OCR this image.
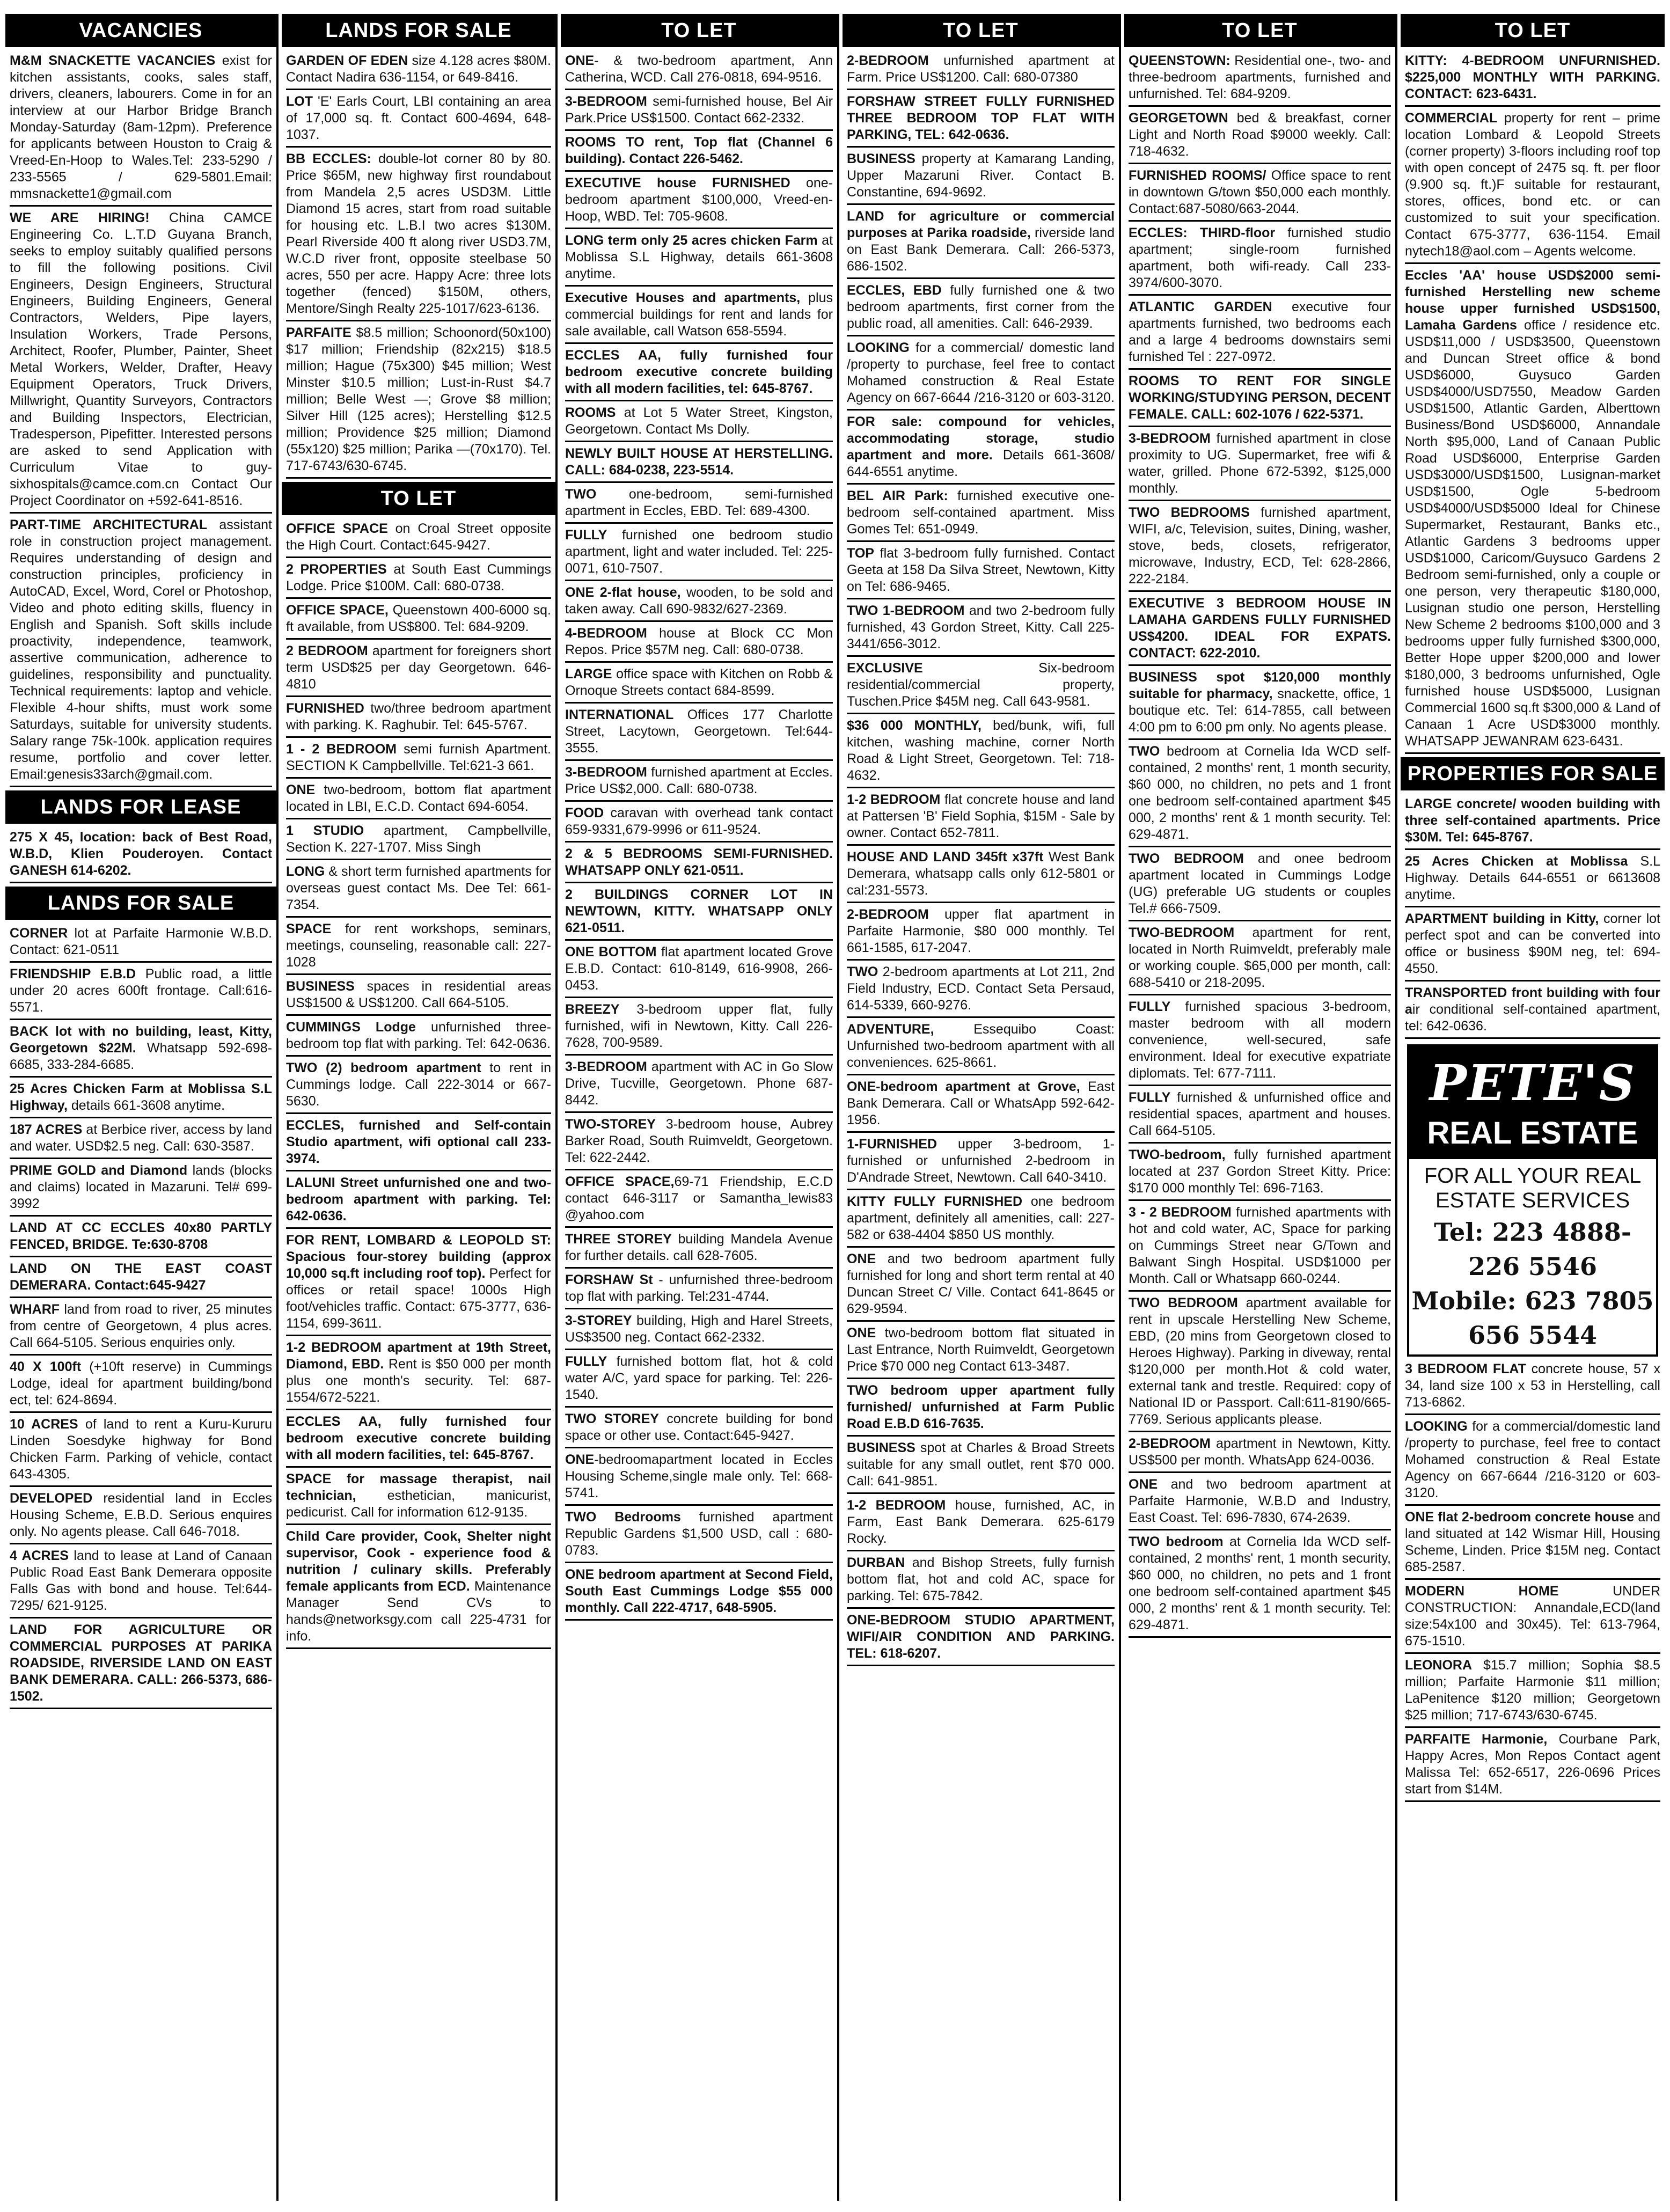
VACANCIES
M&M SNACKETTE VACANCIES exist for kitchen assistants, cooks, sales staff, drivers, cleaners, labourers. Come in for an interview at our Harbor Bridge Branch Monday-Saturday (8am-12pm). Preference for applicants between Houston to Craig & Vreed-En-Hoop to Wales.Tel: 233-5290 / 233-5565 / 629-5801.Email: mmsnackette1@gmail.com
WE ARE HIRING! China CAMCE Engineering Co. L.T.D Guyana Branch, seeks to employ suitably qualified persons to fill the following positions. Civil Engineers, Design Engineers, Structural Engineers, Building Engineers, General Contractors, Welders, Pipe layers, Insulation Workers, Trade Persons, Architect, Roofer, Plumber, Painter, Sheet Metal Workers, Welder, Drafter, Heavy Equipment Operators, Truck Drivers, Millwright, Quantity Surveyors, Contractors and Building Inspectors, Electrician, Tradesperson, Pipefitter. Interested persons are asked to send Application with Curriculum Vitae to guy-sixhospitals@camce.com.cn Contact Our Project Coordinator on +592-641-8516.
PART-TIME ARCHITECTURAL assistant role in construction project management. Requires understanding of design and construction principles, proficiency in AutoCAD, Excel, Word, Corel or Photoshop, Video and photo editing skills, fluency in English and Spanish. Soft skills include proactivity, independence, teamwork, assertive communication, adherence to guidelines, responsibility and punctuality. Technical requirements: laptop and vehicle. Flexible 4-hour shifts, must work some Saturdays, suitable for university students. Salary range 75k-100k. application requires resume, portfolio and cover letter. Email:genesis33arch@gmail.com.
LANDS FOR LEASE
275 X 45, location: back of Best Road, W.B.D, Klien Pouderoyen. Contact GANESH 614-6202.
LANDS FOR SALE
CORNER lot at Parfaite Harmonie W.B.D. Contact: 621-0511
FRIENDSHIP E.B.D Public road, a little under 20 acres 600ft frontage. Call:616-5571.
BACK lot with no building, least, Kitty, Georgetown $22M. Whatsapp 592-698-6685, 333-284-6685.
25 Acres Chicken Farm at Moblissa S.L Highway, details 661-3608 anytime.
187 ACRES at Berbice river, access by land and water. USD$2.5 neg. Call: 630-3587.
PRIME GOLD and Diamond lands (blocks and claims) located in Mazaruni. Tel# 699-3992
LAND AT CC ECCLES 40x80 PARTLY FENCED, BRIDGE. Te:630-8708
LAND ON THE EAST COAST DEMERARA. Contact:645-9427
WHARF land from road to river, 25 minutes from centre of Georgetown, 4 plus acres. Call 664-5105. Serious enquiries only.
40 X 100ft (+10ft reserve) in Cummings Lodge, ideal for apartment building/bond ect, tel: 624-8694.
10 ACRES of land to rent a Kuru-Kururu Linden Soesdyke highway for Bond Chicken Farm. Parking of vehicle, contact 643-4305.
DEVELOPED residential land in Eccles Housing Scheme, E.B.D. Serious enquires only. No agents please. Call 646-7018.
4 ACRES land to lease at Land of Canaan Public Road East Bank Demerara opposite Falls Gas with bond and house. Tel:644-7295/ 621-9125.
LAND FOR AGRICULTURE OR COMMERCIAL PURPOSES AT PARIKA ROADSIDE, RIVERSIDE LAND ON EAST BANK DEMERARA. CALL: 266-5373, 686-1502.
LANDS FOR SALE
GARDEN OF EDEN size 4.128 acres $80M. Contact Nadira 636-1154, or 649-8416.
LOT 'E' Earls Court, LBI containing an area of 17,000 sq. ft. Contact 600-4694, 648-1037.
BB ECCLES: double-lot corner 80 by 80. Price $65M, new highway first roundabout from Mandela 2,5 acres USD3M. Little Diamond 15 acres, start from road suitable for housing etc. L.B.I two acres $130M. Pearl Riverside 400 ft along river USD3.7M, W.C.D river front, opposite steelbase 50 acres, 550 per acre. Happy Acre: three lots together (fenced) $150M, others, Mentore/Singh Realty 225-1017/623-6136.
PARFAITE $8.5 million; Schoonord(50x100) $17 million; Friendship (82x215) $18.5 million; Hague (75x300) $45 million; West Minster $10.5 million; Lust-in-Rust $4.7 million; Belle West —; Grove $8 million; Silver Hill (125 acres); Herstelling $12.5 million; Providence $25 million; Diamond (55x120) $25 million; Parika —(70x170). Tel. 717-6743/630-6745.
TO LET
OFFICE SPACE on Croal Street opposite the High Court. Contact:645-9427.
2 PROPERTIES at South East Cummings Lodge. Price $100M. Call: 680-0738.
OFFICE SPACE, Queenstown 400-6000 sq. ft available, from US$800. Tel: 684-9209.
2 BEDROOM apartment for foreigners short term USD$25 per day Georgetown. 646-4810
FURNISHED two/three bedroom apartment with parking. K. Raghubir. Tel: 645-5767.
1 - 2 BEDROOM semi furnish Apartment. SECTION K Campbellville. Tel:621-3 661.
ONE two-bedroom, bottom flat apartment located in LBI, E.C.D. Contact 694-6054.
1 STUDIO apartment, Campbellville, Section K. 227-1707. Miss Singh
LONG & short term furnished apartments for overseas guest contact Ms. Dee Tel: 661-7354.
SPACE for rent workshops, seminars, meetings, counseling, reasonable call: 227-1028
BUSINESS spaces in residential areas US$1500 & US$1200. Call 664-5105.
CUMMINGS Lodge unfurnished three-bedroom top flat with parking. Tel: 642-0636.
TWO (2) bedroom apartment to rent in Cummings lodge. Call 222-3014 or 667-5630.
ECCLES, furnished and Self-contain Studio apartment, wifi optional call 233-3974.
LALUNI Street unfurnished one and two-bedroom apartment with parking. Tel: 642-0636.
FOR RENT, LOMBARD & LEOPOLD ST: Spacious four-storey building (approx 10,000 sq.ft including roof top). Perfect for offices or retail space! 1000s High foot/vehicles traffic. Contact: 675-3777, 636-1154, 699-3611.
1-2 BEDROOM apartment at 19th Street, Diamond, EBD. Rent is $50 000 per month plus one month's security. Tel: 687-1554/672-5221.
ECCLES AA, fully furnished four bedroom executive concrete building with all modern facilities, tel: 645-8767.
SPACE for massage therapist, nail technician, esthetician, manicurist, pedicurist. Call for information 612-9135.
Child Care provider, Cook, Shelter night supervisor, Cook - experience food & nutrition / culinary skills. Preferably female applicants from ECD. Maintenance Manager Send CVs to hands@networksgy.com call 225-4731 for info.
TO LET
ONE- & two-bedroom apartment, Ann Catherina, WCD. Call 276-0818, 694-9516.
3-BEDROOM semi-furnished house, Bel Air Park.Price US$1500. Contact 662-2332.
ROOMS TO rent, Top flat (Channel 6 building). Contact 226-5462.
EXECUTIVE house FURNISHED one-bedroom apartment $100,000, Vreed-en-Hoop, WBD. Tel: 705-9608.
LONG term only 25 acres chicken Farm at Moblissa S.L Highway, details 661-3608 anytime.
Executive Houses and apartments, plus commercial buildings for rent and lands for sale available, call Watson 658-5594.
ECCLES AA, fully furnished four bedroom executive concrete building with all modern facilities, tel: 645-8767.
ROOMS at Lot 5 Water Street, Kingston, Georgetown. Contact Ms Dolly.
NEWLY BUILT HOUSE AT HERSTELLING. CALL: 684-0238, 223-5514.
TWO one-bedroom, semi-furnished apartment in Eccles, EBD. Tel: 689-4300.
FULLY furnished one bedroom studio apartment, light and water included. Tel: 225-0071, 610-7507.
ONE 2-flat house, wooden, to be sold and taken away. Call 690-9832/627-2369.
4-BEDROOM house at Block CC Mon Repos. Price $57M neg. Call: 680-0738.
LARGE office space with Kitchen on Robb & Ornoque Streets contact 684-8599.
INTERNATIONAL Offices 177 Charlotte Street, Lacytown, Georgetown. Tel:644-3555.
3-BEDROOM furnished apartment at Eccles. Price US$2,000. Call: 680-0738.
FOOD caravan with overhead tank contact 659-9331,679-9996 or 611-9524.
2 & 5 BEDROOMS SEMI-FURNISHED. WHATSAPP ONLY 621-0511.
2 BUILDINGS CORNER LOT IN NEWTOWN, KITTY. WHATSAPP ONLY 621-0511.
ONE BOTTOM flat apartment located Grove E.B.D. Contact: 610-8149, 616-9908, 266-0453.
BREEZY 3-bedroom upper flat, fully furnished, wifi in Newtown, Kitty. Call 226-7628, 700-9589.
3-BEDROOM apartment with AC in Go Slow Drive, Tucville, Georgetown. Phone 687-8442.
TWO-STOREY 3-bedroom house, Aubrey Barker Road, South Ruimveldt, Georgetown. Tel: 622-2442.
OFFICE SPACE,69-71 Friendship, E.C.D contact 646-3117 or Samantha_lewis83 @yahoo.com
THREE STOREY building Mandela Avenue for further details. call 628-7605.
FORSHAW St - unfurnished three-bedroom top flat with parking. Tel:231-4744.
3-STOREY building, High and Harel Streets, US$3500 neg. Contact 662-2332.
FULLY furnished bottom flat, hot & cold water A/C, yard space for parking. Tel: 226-1540.
TWO STOREY concrete building for bond space or other use. Contact:645-9427.
ONE-bedroomapartment located in Eccles Housing Scheme,single male only. Tel: 668-5741.
TWO Bedrooms furnished apartment Republic Gardens $1,500 USD, call : 680-0783.
ONE bedroom apartment at Second Field, South East Cummings Lodge $55 000 monthly. Call 222-4717, 648-5905.
TO LET
2-BEDROOM unfurnished apartment at Farm. Price US$1200. Call: 680-07380
FORSHAW STREET FULLY FURNISHED THREE BEDROOM TOP FLAT WITH PARKING, TEL: 642-0636.
BUSINESS property at Kamarang Landing, Upper Mazaruni River. Contact B. Constantine, 694-9692.
LAND for agriculture or commercial purposes at Parika roadside, riverside land on East Bank Demerara. Call: 266-5373, 686-1502.
ECCLES, EBD fully furnished one & two bedroom apartments, first corner from the public road, all amenities. Call: 646-2939.
LOOKING for a commercial/ domestic land /property to purchase, feel free to contact Mohamed construction & Real Estate Agency on 667-6644 /216-3120 or 603-3120.
FOR sale: compound for vehicles, accommodating storage, studio apartment and more. Details 661-3608/ 644-6551 anytime.
BEL AIR Park: furnished executive one-bedroom self-contained apartment. Miss Gomes Tel: 651-0949.
TOP flat 3-bedroom fully furnished. Contact Geeta at 158 Da Silva Street, Newtown, Kitty on Tel: 686-9465.
TWO 1-BEDROOM and two 2-bedroom fully furnished, 43 Gordon Street, Kitty. Call 225- 3441/656-3012.
EXCLUSIVE Six-bedroom residential/commercial property, Tuschen.Price $45M neg. Call 643-9581.
$36 000 MONTHLY, bed/bunk, wifi, full kitchen, washing machine, corner North Road & Light Street, Georgetown. Tel: 718-4632.
1-2 BEDROOM flat concrete house and land at Pattersen 'B' Field Sophia, $15M - Sale by owner. Contact 652-7811.
HOUSE AND LAND 345ft x37ft West Bank Demerara, whatsapp calls only 612-5801 or cal:231-5573.
2-BEDROOM upper flat apartment in Parfaite Harmonie, $80 000 monthly. Tel 661-1585, 617-2047.
TWO 2-bedroom apartments at Lot 211, 2nd Field Industry, ECD. Contact Seta Persaud, 614-5339, 660-9276.
ADVENTURE, Essequibo Coast: Unfurnished two-bedroom apartment with all conveniences. 625-8661.
ONE-bedroom apartment at Grove, East Bank Demerara. Call or WhatsApp 592-642-1956.
1-FURNISHED upper 3-bedroom, 1-furnished or unfurnished 2-bedroom in D'Andrade Street, Newtown. Call 640-3410.
KITTY FULLY FURNISHED one bedroom apartment, definitely all amenities, call: 227-582 or 638-4404 $850 US monthly.
ONE and two bedroom apartment fully furnished for long and short term rental at 40 Duncan Street C/ Ville. Contact 641-8645 or 629-9594.
ONE two-bedroom bottom flat situated in Last Entrance, North Ruimveldt, Georgetown Price $70 000 neg Contact 613-3487.
TWO bedroom upper apartment fully furnished/ unfurnished at Farm Public Road E.B.D 616-7635.
BUSINESS spot at Charles & Broad Streets suitable for any small outlet, rent $70 000. Call: 641-9851.
1-2 BEDROOM house, furnished, AC, in Farm, East Bank Demerara. 625-6179 Rocky.
DURBAN and Bishop Streets, fully furnish bottom flat, hot and cold AC, space for parking. Tel: 675-7842.
ONE-BEDROOM STUDIO APARTMENT, WIFI/AIR CONDITION AND PARKING. TEL: 618-6207.
TO LET
QUEENSTOWN: Residential one-, two- and three-bedroom apartments, furnished and unfurnished. Tel: 684-9209.
GEORGETOWN bed & breakfast, corner Light and North Road $9000 weekly. Call: 718-4632.
FURNISHED ROOMS/ Office space to rent in downtown G/town $50,000 each monthly. Contact:687-5080/663-2044.
ECCLES: THIRD-floor furnished studio apartment; single-room furnished apartment, both wifi-ready. Call 233-3974/600-3070.
ATLANTIC GARDEN executive four apartments furnished, two bedrooms each and a large 4 bedrooms downstairs semi furnished Tel : 227-0972.
ROOMS TO RENT FOR SINGLE WORKING/STUDYING PERSON, DECENT FEMALE. CALL: 602-1076 / 622-5371.
3-BEDROOM furnished apartment in close proximity to UG. Supermarket, free wifi & water, grilled. Phone 672-5392, $125,000 monthly.
TWO BEDROOMS furnished apartment, WIFI, a/c, Television, suites, Dining, washer, stove, beds, closets, refrigerator, microwave, Industry, ECD, Tel: 628-2866, 222-2184.
EXECUTIVE 3 BEDROOM HOUSE IN LAMAHA GARDENS FULLY FURNISHED US$4200. IDEAL FOR EXPATS. CONTACT: 622-2010.
BUSINESS spot $120,000 monthly suitable for pharmacy, snackette, office, 1 boutique etc. Tel: 614-7855, call between 4:00 pm to 6:00 pm only. No agents please.
TWO bedroom at Cornelia Ida WCD self-contained, 2 months' rent, 1 month security, $60 000, no children, no pets and 1 front one bedroom self-contained apartment $45 000, 2 months' rent & 1 month security. Tel: 629-4871.
TWO BEDROOM and onee bedroom apartment located in Cummings Lodge (UG) preferable UG students or couples Tel.# 666-7509.
TWO-BEDROOM apartment for rent, located in North Ruimveldt, preferably male or working couple. $65,000 per month, call: 688-5410 or 218-2095.
FULLY furnished spacious 3-bedroom, master bedroom with all modern convenience, well-secured, safe environment. Ideal for executive expatriate diplomats. Tel: 677-7111.
FULLY furnished & unfurnished office and residential spaces, apartment and houses. Call 664-5105.
TWO-bedroom, fully furnished apartment located at 237 Gordon Street Kitty. Price: $170 000 monthly Tel: 696-7163.
3 - 2 BEDROOM furnished apartments with hot and cold water, AC, Space for parking on Cummings Street near G/Town and Balwant Singh Hospital. USD$1000 per Month. Call or Whatsapp 660-0244.
TWO BEDROOM apartment available for rent in upscale Herstelling New Scheme, EBD, (20 mins from Georgetown closed to Heroes Highway). Parking in diveway, rental $120,000 per month.Hot & cold water, external tank and trestle. Required: copy of National ID or Passport. Call:611-8190/665-7769. Serious applicants please.
2-BEDROOM apartment in Newtown, Kitty. US$500 per month. WhatsApp 624-0036.
ONE and two bedroom apartment at Parfaite Harmonie, W.B.D and Industry, East Coast. Tel: 696-7830, 674-2639.
TWO bedroom at Cornelia Ida WCD self-contained, 2 months' rent, 1 month security, $60 000, no children, no pets and 1 front one bedroom self-contained apartment $45 000, 2 months' rent & 1 month security. Tel: 629-4871.
TO LET
KITTY: 4-BEDROOM UNFURNISHED. $225,000 MONTHLY WITH PARKING. CONTACT: 623-6431.
COMMERCIAL property for rent – prime location Lombard & Leopold Streets (corner property) 3-floors including roof top with open concept of 2475 sq. ft. per floor (9.900 sq. ft.)F suitable for restaurant, stores, offices, bond etc. or can customized to suit your specification. Contact 675-3777, 636-1154. Email nytech18@aol.com – Agents welcome.
Eccles 'AA' house USD$2000 semi- furnished Herstelling new scheme house upper furnished USD$1500, Lamaha Gardens office / residence etc. USD$11,000 / USD$3500, Queenstown and Duncan Street office & bond USD$6000, Guysuco Garden USD$4000/USD7550, Meadow Garden USD$1500, Atlantic Garden, Alberttown Business/Bond USD$6000, Annandale North $95,000, Land of Canaan Public Road USD$6000, Enterprise Garden USD$3000/USD$1500, Lusignan-market USD$1500, Ogle 5-bedroom USD$4000/USD$5000 Ideal for Chinese Supermarket, Restaurant, Banks etc., Atlantic Gardens 3 bedrooms upper USD$1000, Caricom/Guysuco Gardens 2 Bedroom semi-furnished, only a couple or one person, very therapeutic $180,000, Lusignan studio one person, Herstelling New Scheme 2 bedrooms $100,000 and 3 bedrooms upper fully furnished $300,000, Better Hope upper $200,000 and lower $180,000, 3 bedrooms unfurnished, Ogle furnished house USD$5000, Lusignan Commercial 1600 sq.ft $300,000 & Land of Canaan 1 Acre USD$3000 monthly. WHATSAPP JEWANRAM 623-6431.
PROPERTIES FOR SALE
LARGE concrete/ wooden building with three self-contained apartments. Price $30M. Tel: 645-8767.
25 Acres Chicken at Moblissa S.L Highway. Details 644-6551 or 6613608 anytime.
APARTMENT building in Kitty, corner lot perfect spot and can be converted into office or business $90M neg, tel: 694-4550.
TRANSPORTED front building with four air conditional self-contained apartment, tel: 642-0636.
PETE'S
REAL ESTATE
FOR ALL YOUR REAL ESTATE SERVICES
Tel: 223 4888-
226 5546
Mobile: 623 7805
656 5544
3 BEDROOM FLAT concrete house, 57 x 34, land size 100 x 53 in Herstelling, call 713-6862.
LOOKING for a commercial/domestic land /property to purchase, feel free to contact Mohamed construction & Real Estate Agency on 667-6644 /216-3120 or 603-3120.
ONE flat 2-bedroom concrete house and land situated at 142 Wismar Hill, Housing Scheme, Linden. Price $15M neg. Contact 685-2587.
MODERN HOME UNDER CONSTRUCTION: Annandale,ECD(land size:54x100 and 30x45). Tel: 613-7964, 675-1510.
LEONORA $15.7 million; Sophia $8.5 million; Parfaite Harmonie $11 million; LaPenitence $120 million; Georgetown $25 million; 717-6743/630-6745.
PARFAITE Harmonie, Courbane Park, Happy Acres, Mon Repos Contact agent Malissa Tel: 652-6517, 226-0696 Prices start from $14M.
